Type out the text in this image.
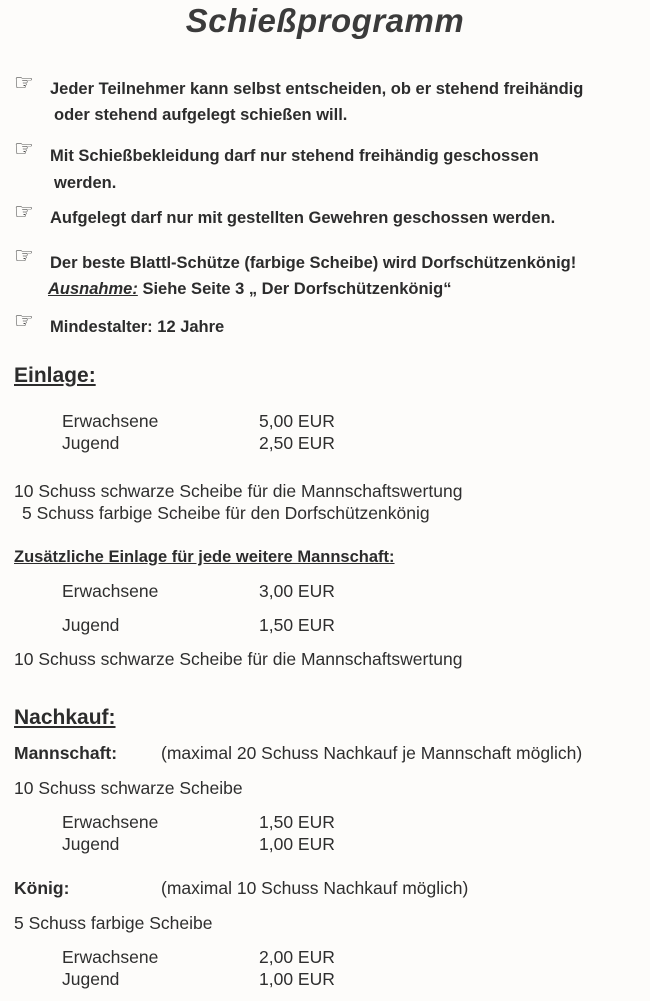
Schießprogramm
☞ Jeder Teilnehmer kann selbst entscheiden, ob er stehend freihändig
oder stehend aufgelegt schießen will.
☞ Mit Schießbekleidung darf nur stehend freihändig geschossen
werden.
☞ Aufgelegt darf nur mit gestellten Gewehren geschossen werden.
☞ Der beste Blattl-Schütze (farbige Scheibe) wird Dorfschützenkönig!
Ausnahme: Siehe Seite 3 „ Der Dorfschützenkönig“
☞ Mindestalter: 12 Jahre
Einlage:
Erwachsene	5,00 EUR
Jugend	2,50 EUR
10 Schuss schwarze Scheibe für die Mannschaftswertung
5 Schuss farbige Scheibe für den Dorfschützenkönig
Zusätzliche Einlage für jede weitere Mannschaft:
Erwachsene	3,00 EUR
Jugend	1,50 EUR
10 Schuss schwarze Scheibe für die Mannschaftswertung
Nachkauf:
Mannschaft:	(maximal 20 Schuss Nachkauf je Mannschaft möglich)
10 Schuss schwarze Scheibe
Erwachsene	1,50 EUR
Jugend	1,00 EUR
König:	(maximal 10 Schuss Nachkauf möglich)
5 Schuss farbige Scheibe
Erwachsene	2,00 EUR
Jugend	1,00 EUR
